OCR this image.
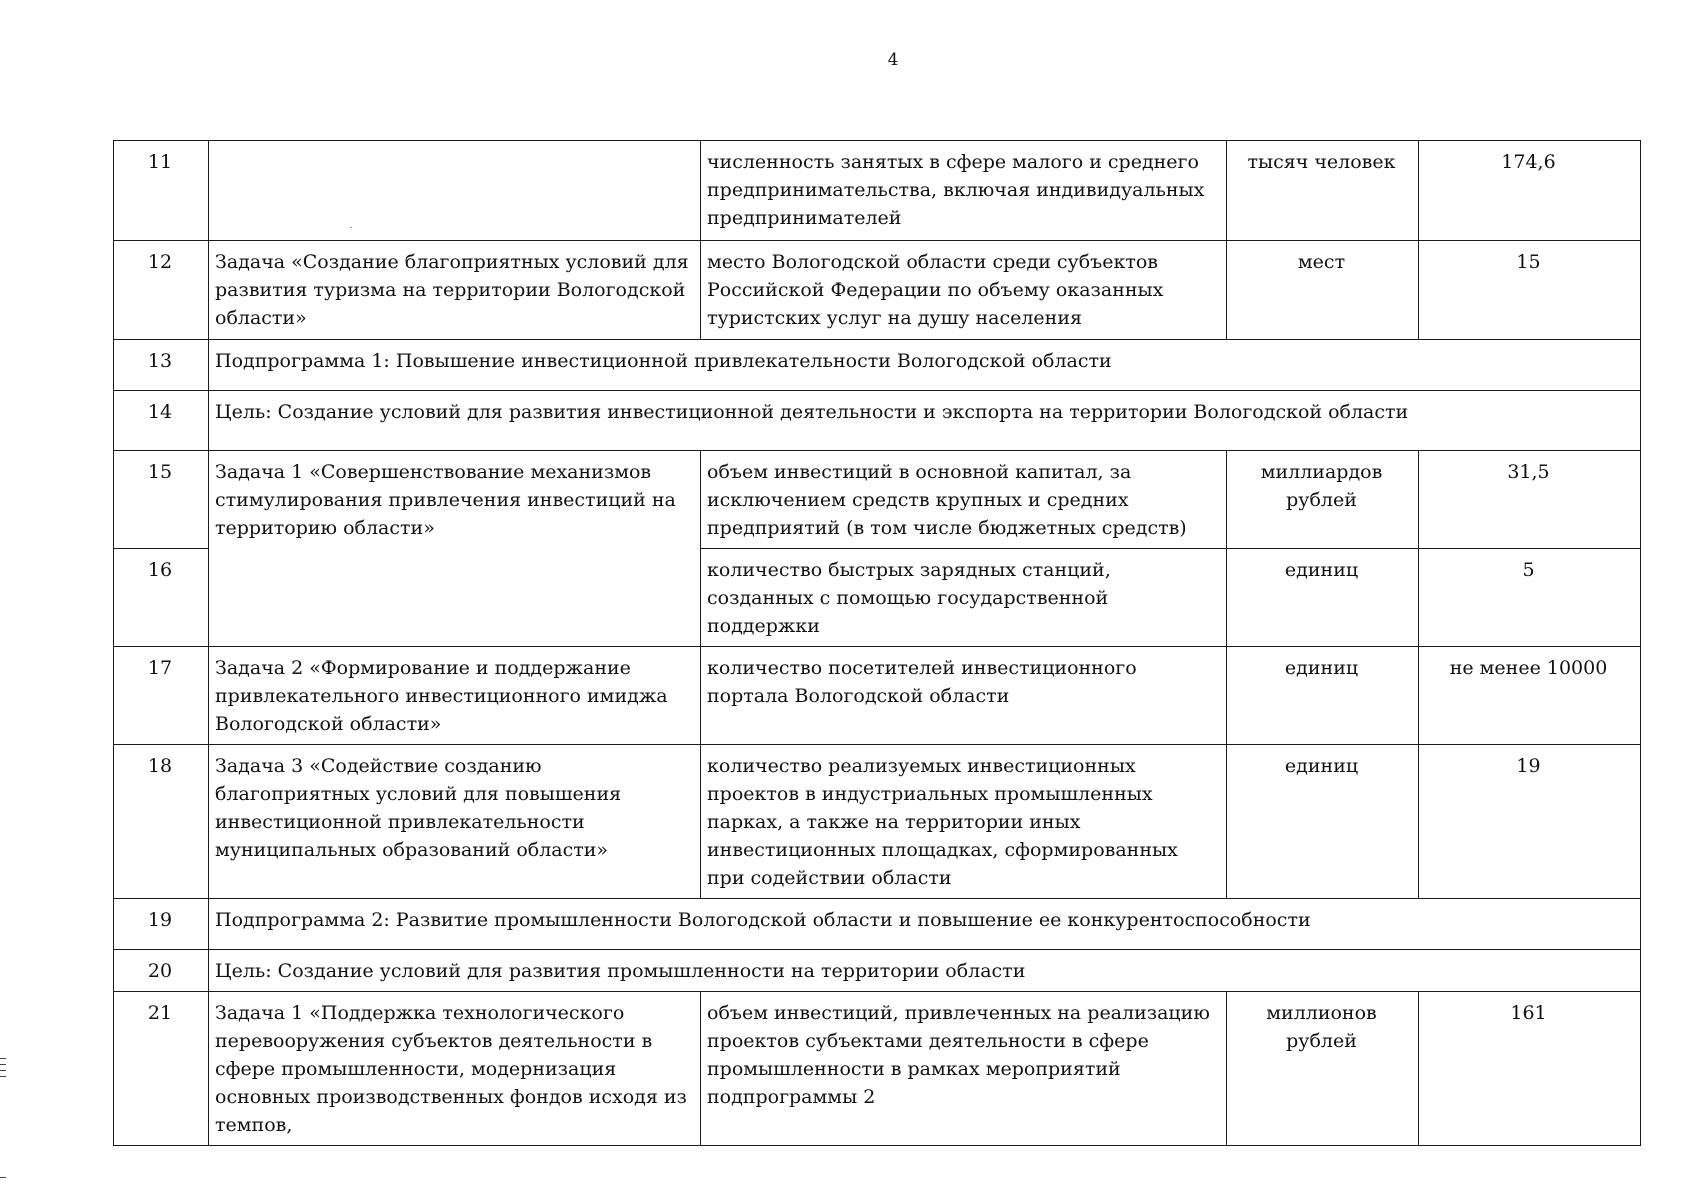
4
11		численность занятых в сфере малого и среднего предпринимательства, включая индивидуальных предпринимателей	тысяч человек	174,6
12	Задача «Создание благоприятных условий для развития туризма на территории Вологодской области»	место Вологодской области среди субъектов Российской Федерации по объему оказанных туристских услуг на душу населения	мест	15
13	Подпрограмма 1: Повышение инвестиционной привлекательности Вологодской области			
14	Цель: Создание условий для развития инвестиционной деятельности и экспорта на территории Вологодской области			
15	Задача 1 «Совершенствование механизмов стимулирования привлечения инвестиций на территорию области»	объем инвестиций в основной капитал, за исключением средств крупных и средних предприятий (в том числе бюджетных средств)	миллиардов рублей	31,5
16		количество быстрых зарядных станций, созданных с помощью государственной поддержки	единиц	5
17	Задача 2 «Формирование и поддержание привлекательного инвестиционного имиджа Вологодской области»	количество посетителей инвестиционного портала Вологодской области	единиц	не менее 10000
18	Задача 3 «Содействие созданию благоприятных условий для повышения инвестиционной привлекательности муниципальных образований области»	количество реализуемых инвестиционных проектов в индустриальных промышленных парках, а также на территории иных инвестиционных площадках, сформированных при содействии области	единиц	19
19	Подпрограмма 2: Развитие промышленности Вологодской области и повышение ее конкурентоспособности			
20	Цель: Создание условий для развития промышленности на территории области			
21	Задача 1 «Поддержка технологического перевооружения субъектов деятельности в сфере промышленности, модернизация основных производственных фондов исходя из темпов,	объем инвестиций, привлеченных на реализацию проектов субъектами деятельности в сфере промышленности в рамках мероприятий подпрограммы 2	миллионов рублей	161
